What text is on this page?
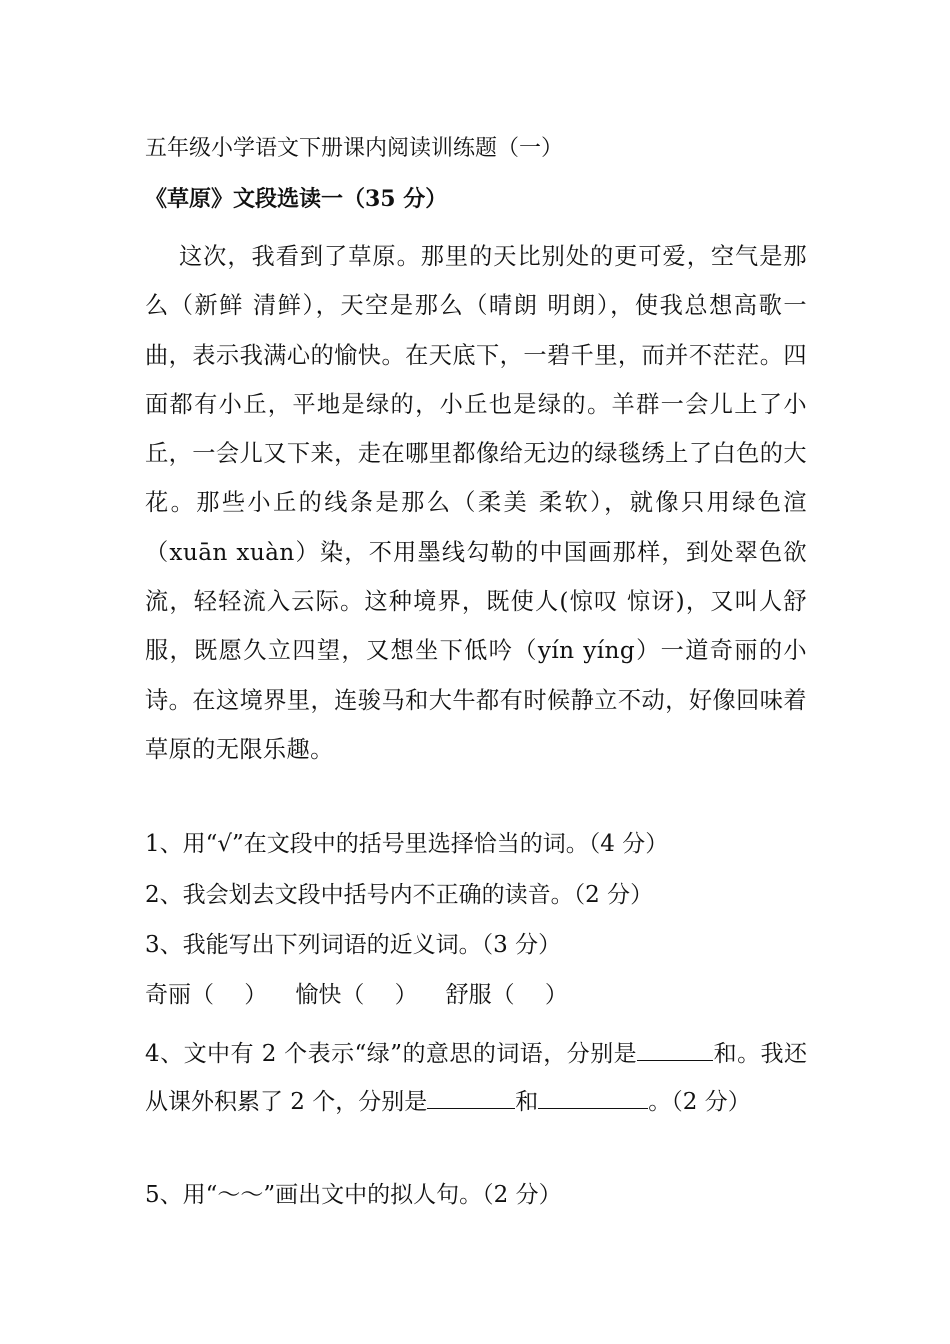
五年级小学语文下册课内阅读训练题（一）
《草原》文段选读一（35 分）
这次，我看到了草原。那里的天比别处的更可爱，空气是那么（新鲜 清鲜），天空是那么（晴朗 明朗），使我总想高歌一曲，表示我满心的愉快。在天底下，一碧千里，而并不茫茫。四面都有小丘，平地是绿的，小丘也是绿的。羊群一会儿上了小丘，一会儿又下来，走在哪里都像给无边的绿毯绣上了白色的大花。那些小丘的线条是那么（柔美 柔软），就像只用绿色渲（xuān xuàn）染，不用墨线勾勒的中国画那样，到处翠色欲流，轻轻流入云际。这种境界，既使人(惊叹 惊讶)，又叫人舒服，既愿久立四望，又想坐下低吟（yín yíng）一道奇丽的小诗。在这境界里，连骏马和大牛都有时候静立不动，好像回味着草原的无限乐趣。
1、用“√”在文段中的括号里选择恰当的词。（4 分）
2、我会划去文段中括号内不正确的读音。（2 分）
3、我能写出下列词语的近义词。（3 分）
奇丽（　 ） 愉快（　 ） 舒服（　 ）
4、文中有 2 个表示“绿”的意思的词语，分别是	和。我还从课外积累了 2 个，分别是	和	。（2 分）
5、用“～～”画出文中的拟人句。（2 分）
